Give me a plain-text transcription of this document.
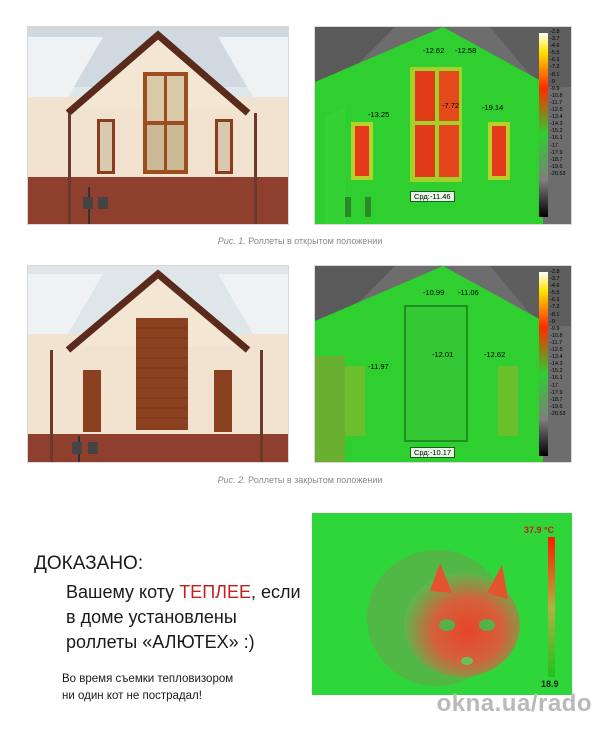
-12.62 -12.58
-7.72
-13.25
-19.14
Срд:-11.46
-2.8
-3.7
-4.6
-5.5
-6.3
-7.2
-8.1
-9
-9.9
-10.8
-11.7
-12.5
-13.4
-14.3
-15.2
-16.1
-17
-17.9
-18.7
-19.6
-20.53
Рис. 1. Роллеты в открытом положении
-10.99 -11.06
-12.01
-11.97
-12.62
Срд:-10.17
-2.8
-3.7
-4.6
-5.5
-6.3
-7.2
-8.1
-9
-9.9
-10.8
-11.7
-12.5
-13.4
-14.3
-15.2
-16.1
-17
-17.9
-18.7
-19.6
-20.53
Рис. 2. Роллеты в закрытом положении
ДОКАЗАНО:
Вашему коту ТЕПЛЕЕ, если
в доме установлены
роллеты «АЛЮТЕХ» :)
Во время съемки тепловизором
ни один кот не пострадал!
37.9 °C
18.9
okna.ua/rado
